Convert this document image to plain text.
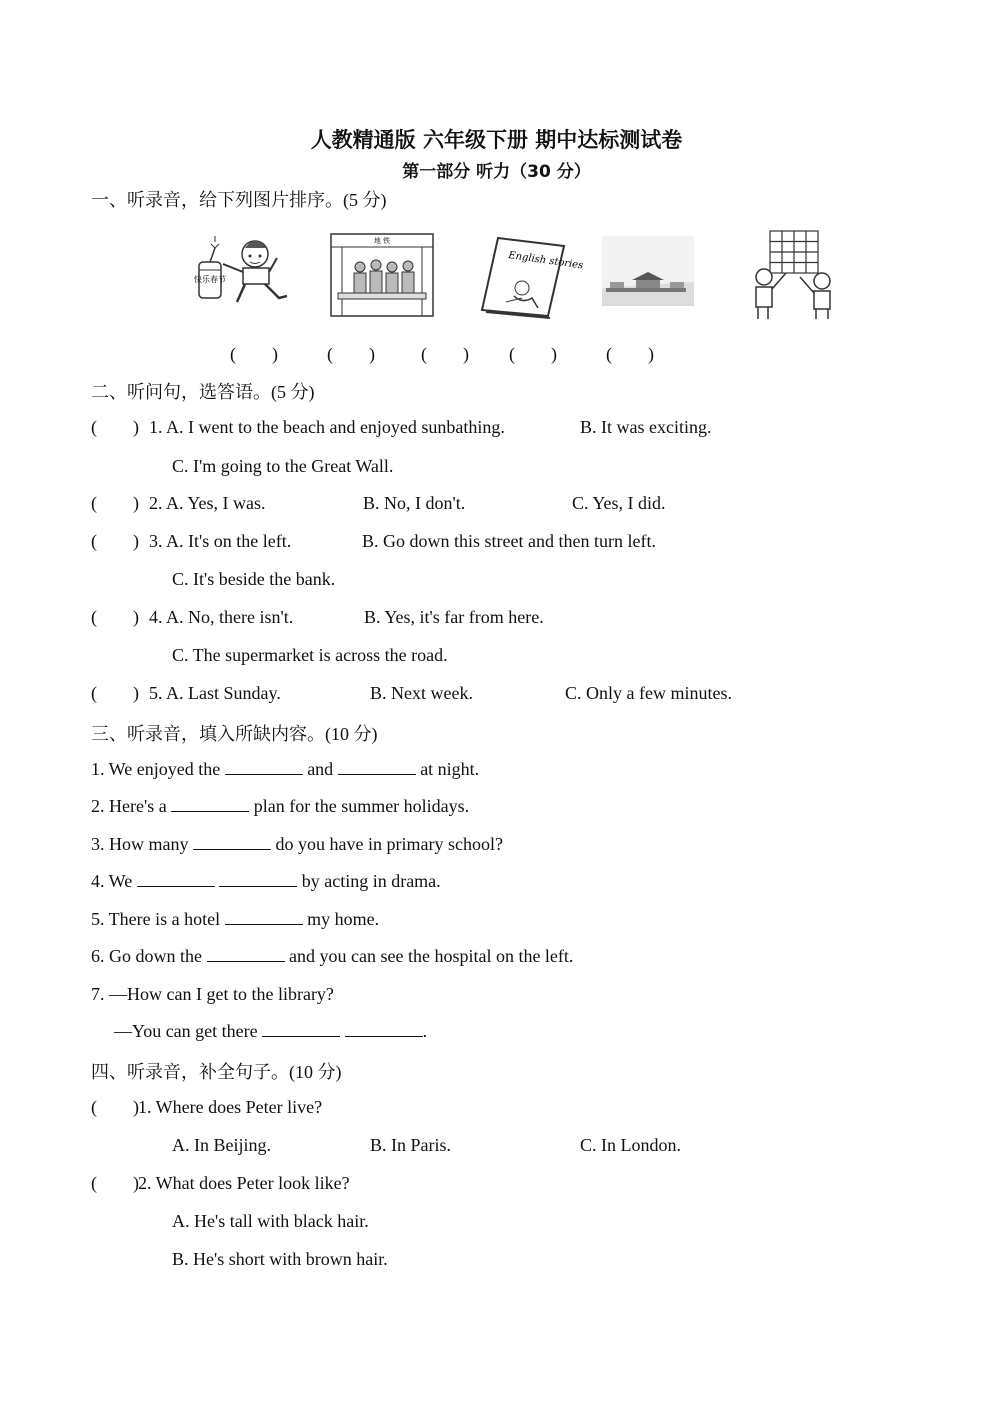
人教精通版 六年级下册 期中达标测试卷
第一部分 听力（30 分）
一、听录音，给下列图片排序。(5 分)
快乐春节
地 铁
English stories
(　　)	(　　)	(　　) (　　)	(　　)
二、听问句，选答语。(5 分)
(　　) 1. A. I went to the beach and enjoyed sunbathing.	B. It was exciting.
C. I'm going to the Great Wall.
(　　) 2. A. Yes, I was.	B. No, I don't.	C. Yes, I did.
(　　) 3. A. It's on the left.	B. Go down this street and then turn left.
C. It's beside the bank.
(　　) 4. A. No, there isn't.	B. Yes, it's far from here.
C. The supermarket is across the road.
(　　) 5. A. Last Sunday.	B. Next week.	C. Only a few minutes.
三、听录音，填入所缺内容。(10 分)
1. We enjoyed the	and	at night.
2. Here's a	plan for the summer holidays.
3. How many	do you have in primary school?
4. We	by acting in drama.
5. There is a hotel	my home.
6. Go down the	and you can see the hospital on the left.
7. —How can I get to the library?
—You can get there	.
四、听录音，补全句子。(10 分)
(　　) 1. Where does Peter live?
A. In Beijing.	B. In Paris.	C. In London.
(　　) 2. What does Peter look like?
A. He's tall with black hair.
B. He's short with brown hair.
